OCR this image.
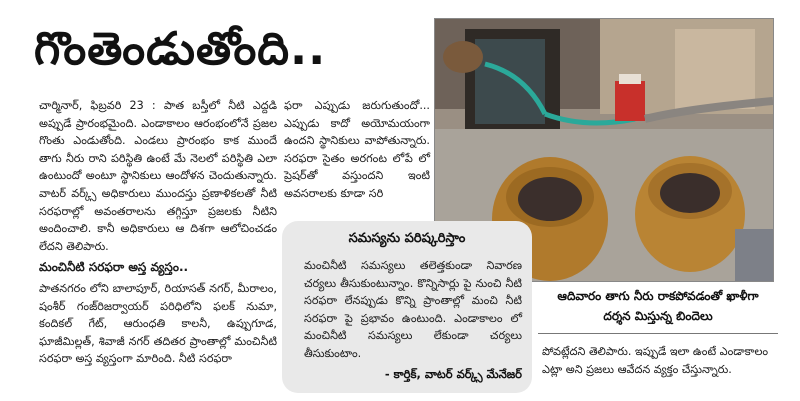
గొంతెండుతోంది..

చార్మినార్, ఫిబ్రవరి 23 : పాత బస్తీలో నీటి ఎద్దడి అప్పుడే ప్రారంభమైంది. ఎండాకాలం ఆరంభంలోనే ప్రజల గొంతు ఎండుతోంది. ఎండలు ప్రారంభం కాక ముందే తాగు నీరు రాని పరిస్థితి ఉంటే మే నెలలో పరిస్థితి ఎలా ఉంటుందో అంటూ స్థానికులు ఆందోళన చెందుతున్నారు. వాటర్ వర్క్స్ అధికారులు ముందస్తు ప్రణాళికలతో నీటి సరఫరాల్లో అవంతరాలను తగ్గిస్తూ ప్రజలకు నీటిని అందించాలి. కానీ అధికారులు ఆ దిశగా ఆలోచించడం లేదని తెలిపారు.

మంచినీటి సరఫరా అస్త వ్యస్తం..

పాతనగరం లోని బాలాపూర్, రియాసత్ నగర్, మీరాలం, షంశీర్ గంజ్‌రిజర్వాయర్ పరిధిలోని ఫలక్ నుమా, కందికల్ గేట్, ఆరుంధతి కాలనీ, ఉప్పుగూడ, ఘాజీమిల్లత్, శివాజీ నగర్ తదితర ప్రాంతాల్లో మంచినీటి సరఫరా అస్త వ్యస్తంగా మారింది. నీటి సరఫరా

ఫరా ఎప్పుడు జరుగుతుందో... ఎప్పుడు కాదో అయోమయంగా ఉందని స్థానికులు వాపోతున్నారు. సరఫరా సైతం అరగంట లోపే లో ప్రెషర్‌తో వస్తుందని ఇంటి అవసరాలకు కూడా సరి

ఆదివారం తాగు నీరు రాకపోవడంతో ఖాళీగా
దర్శన మిస్తున్న బిందెలు
సమస్యను పరిష్కరిస్తాం
మంచినీటి సమస్యలు తలెత్తకుండా నివారణ చర్యలు తీసుకుంటున్నాం. కొన్నిసార్లు పై నుంచి నీటి సరఫరా లేనప్పుడు కొన్ని ప్రాంతాల్లో మంచి నీటి సరఫరా పై ప్రభావం ఉంటుంది. ఎండాకాలం లో మంచినీటి సమస్యలు లేకుండా చర్యలు తీసుకుంటాం.
- కార్తిక్, వాటర్ వర్క్స్ మేనేజర్
పోవట్లేదని తెలిపారు. ఇప్పుడే ఇలా ఉంటే ఎండాకాలం ఎట్లా అని ప్రజలు ఆవేదన వ్యక్తం చేస్తున్నారు.
